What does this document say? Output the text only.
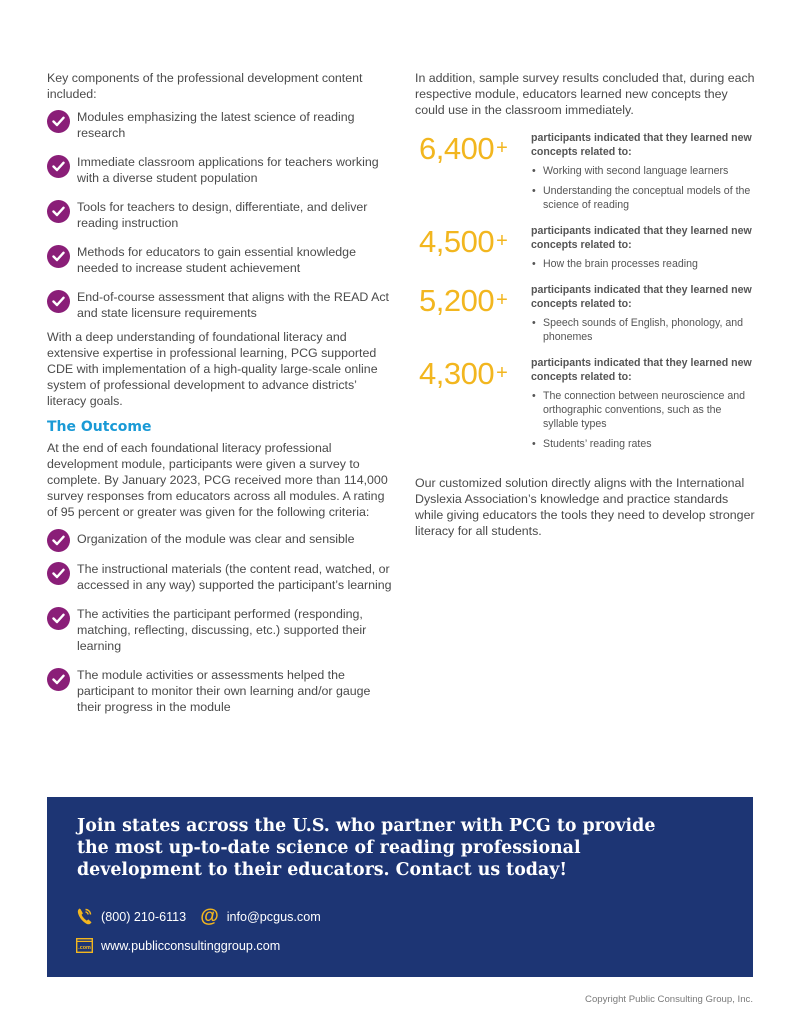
Key components of the professional development content included:

Modules emphasizing the latest science of reading research
Immediate classroom applications for teachers working with a diverse student population
Tools for teachers to design, differentiate, and deliver reading instruction
Methods for educators to gain essential knowledge needed to increase student achievement
End-of-course assessment that aligns with the READ Act and state licensure requirements

With a deep understanding of foundational literacy and extensive expertise in professional learning, PCG supported CDE with implementation of a high-quality large-scale online system of professional development to advance districts’ literacy goals.

The Outcome

At the end of each foundational literacy professional development module, participants were given a survey to complete. By January 2023, PCG received more than 114,000 survey responses from educators across all modules. A rating of 95 percent or greater was given for the following criteria:

Organization of the module was clear and sensible
The instructional materials (the content read, watched, or accessed in any way) supported the participant’s learning
The activities the participant performed (responding, matching, reflecting, discussing, etc.) supported their learning
The module activities or assessments helped the participant to monitor their own learning and/or gauge their progress in the module

In addition, sample survey results concluded that, during each respective module, educators learned new concepts they could use in the classroom immediately.

6,400 +	participants indicated that they learned new concepts related to:
• Working with second language learners
• Understanding the conceptual models of the science of reading
4,500 +	participants indicated that they learned new concepts related to:
• How the brain processes reading
5,200 +	participants indicated that they learned new concepts related to:
• Speech sounds of English, phonology, and phonemes
4,300 +	participants indicated that they learned new concepts related to:
• The connection between neuroscience and orthographic conventions, such as the syllable types
• Students’ reading rates

Our customized solution directly aligns with the International Dyslexia Association’s knowledge and practice standards while giving educators the tools they need to develop stronger literacy for all students.

Join states across the U.S. who partner with PCG to provide the most up-to-date science of reading professional development to their educators. Contact us today!
(800) 210-6113 @ info@pcgus.com
.com www.publicconsultinggroup.com
Copyright Public Consulting Group, Inc.
